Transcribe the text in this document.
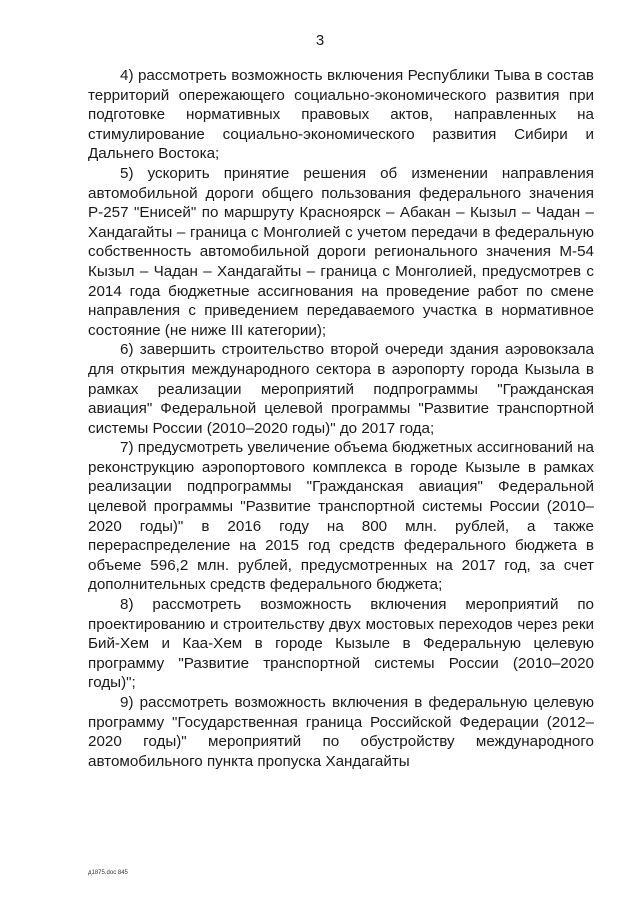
3

4) рассмотреть возможность включения Республики Тыва в состав территорий опережающего социально-экономического развития при подготовке нормативных правовых актов, направленных на стимулирование социально-экономического развития Сибири и Дальнего Востока;

5) ускорить принятие решения об изменении направления автомобильной дороги общего пользования федерального значения Р-257 "Енисей" по маршруту Красноярск – Абакан – Кызыл – Чадан – Хандагайты – граница с Монголией с учетом передачи в федеральную собственность автомобильной дороги регионального значения М-54 Кызыл – Чадан – Хандагайты – граница с Монголией, предусмотрев с 2014 года бюджетные ассигнования на проведение работ по смене направления с приведением передаваемого участка в нормативное состояние (не ниже III категории);

6) завершить строительство второй очереди здания аэровокзала для открытия международного сектора в аэропорту города Кызыла в рамках реализации мероприятий подпрограммы "Гражданская авиация" Федеральной целевой программы "Развитие транспортной системы России (2010–2020 годы)" до 2017 года;

7) предусмотреть увеличение объема бюджетных ассигнований на реконструкцию аэропортового комплекса в городе Кызыле в рамках реализации подпрограммы "Гражданская авиация" Федеральной целевой программы "Развитие транспортной системы России (2010–2020 годы)" в 2016 году на 800 млн. рублей, а также перераспределение на 2015 год средств федерального бюджета в объеме 596,2 млн. рублей, предусмотренных на 2017 год, за счет дополнительных средств федерального бюджета;

8) рассмотреть возможность включения мероприятий по проектированию и строительству двух мостовых переходов через реки Бий-Хем и Каа-Хем в городе Кызыле в Федеральную целевую программу "Развитие транспортной системы России (2010–2020 годы)";

9) рассмотреть возможность включения в федеральную целевую программу "Государственная граница Российской Федерации (2012–2020 годы)" мероприятий по обустройству международного автомобильного пункта пропуска Хандагайты

д1875.doc 845
